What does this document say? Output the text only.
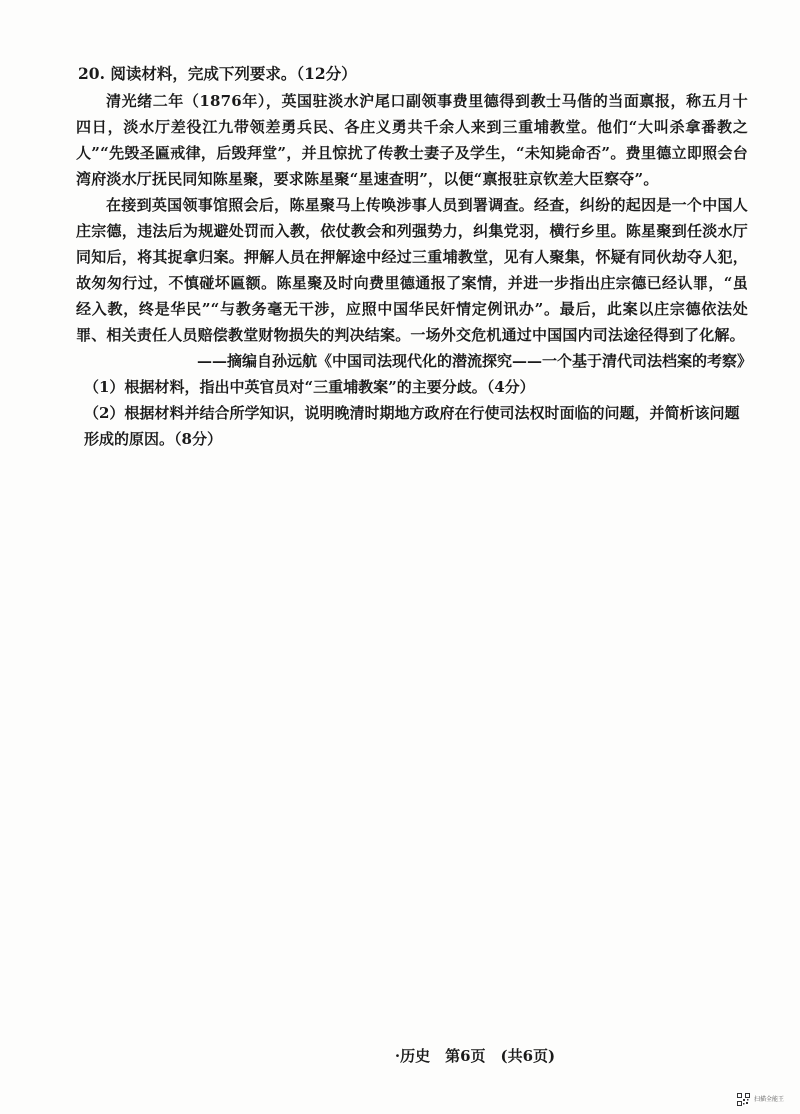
20. 阅读材料，完成下列要求。（12分）

清光绪二年（1876年），英国驻淡水沪尾口副领事费里德得到教士马偕的当面禀报，称五月十四日，淡水厅差役江九带领差勇兵民、各庄义勇共千余人来到三重埔教堂。他们“大叫杀拿番教之人”“先毁圣匾戒律，后毁拜堂”，并且惊扰了传教士妻子及学生，“未知毙命否”。费里德立即照会台湾府淡水厅抚民同知陈星聚，要求陈星聚“星速查明”，以便“禀报驻京钦差大臣察夺”。

在接到英国领事馆照会后，陈星聚马上传唤涉事人员到署调查。经查，纠纷的起因是一个中国人庄宗德，违法后为规避处罚而入教，依仗教会和列强势力，纠集党羽，横行乡里。陈星聚到任淡水厅同知后，将其捉拿归案。押解人员在押解途中经过三重埔教堂，见有人聚集，怀疑有同伙劫夺人犯，故匆匆行过，不慎碰坏匾额。陈星聚及时向费里德通报了案情，并进一步指出庄宗德已经认罪，“虽经入教，终是华民”“与教务毫无干涉，应照中国华民奸情定例讯办”。最后，此案以庄宗德依法处罪、相关责任人员赔偿教堂财物损失的判决结案。一场外交危机通过中国国内司法途径得到了化解。

——摘编自孙远航《中国司法现代化的潜流探究——一个基于清代司法档案的考察》

（1）根据材料，指出中英官员对“三重埔教案”的主要分歧。（4分）

（2）根据材料并结合所学知识，说明晚清时期地方政府在行使司法权时面临的问题，并简析该问题形成的原因。（8分）

·历史　第6页　(共6页)
扫描全能王
